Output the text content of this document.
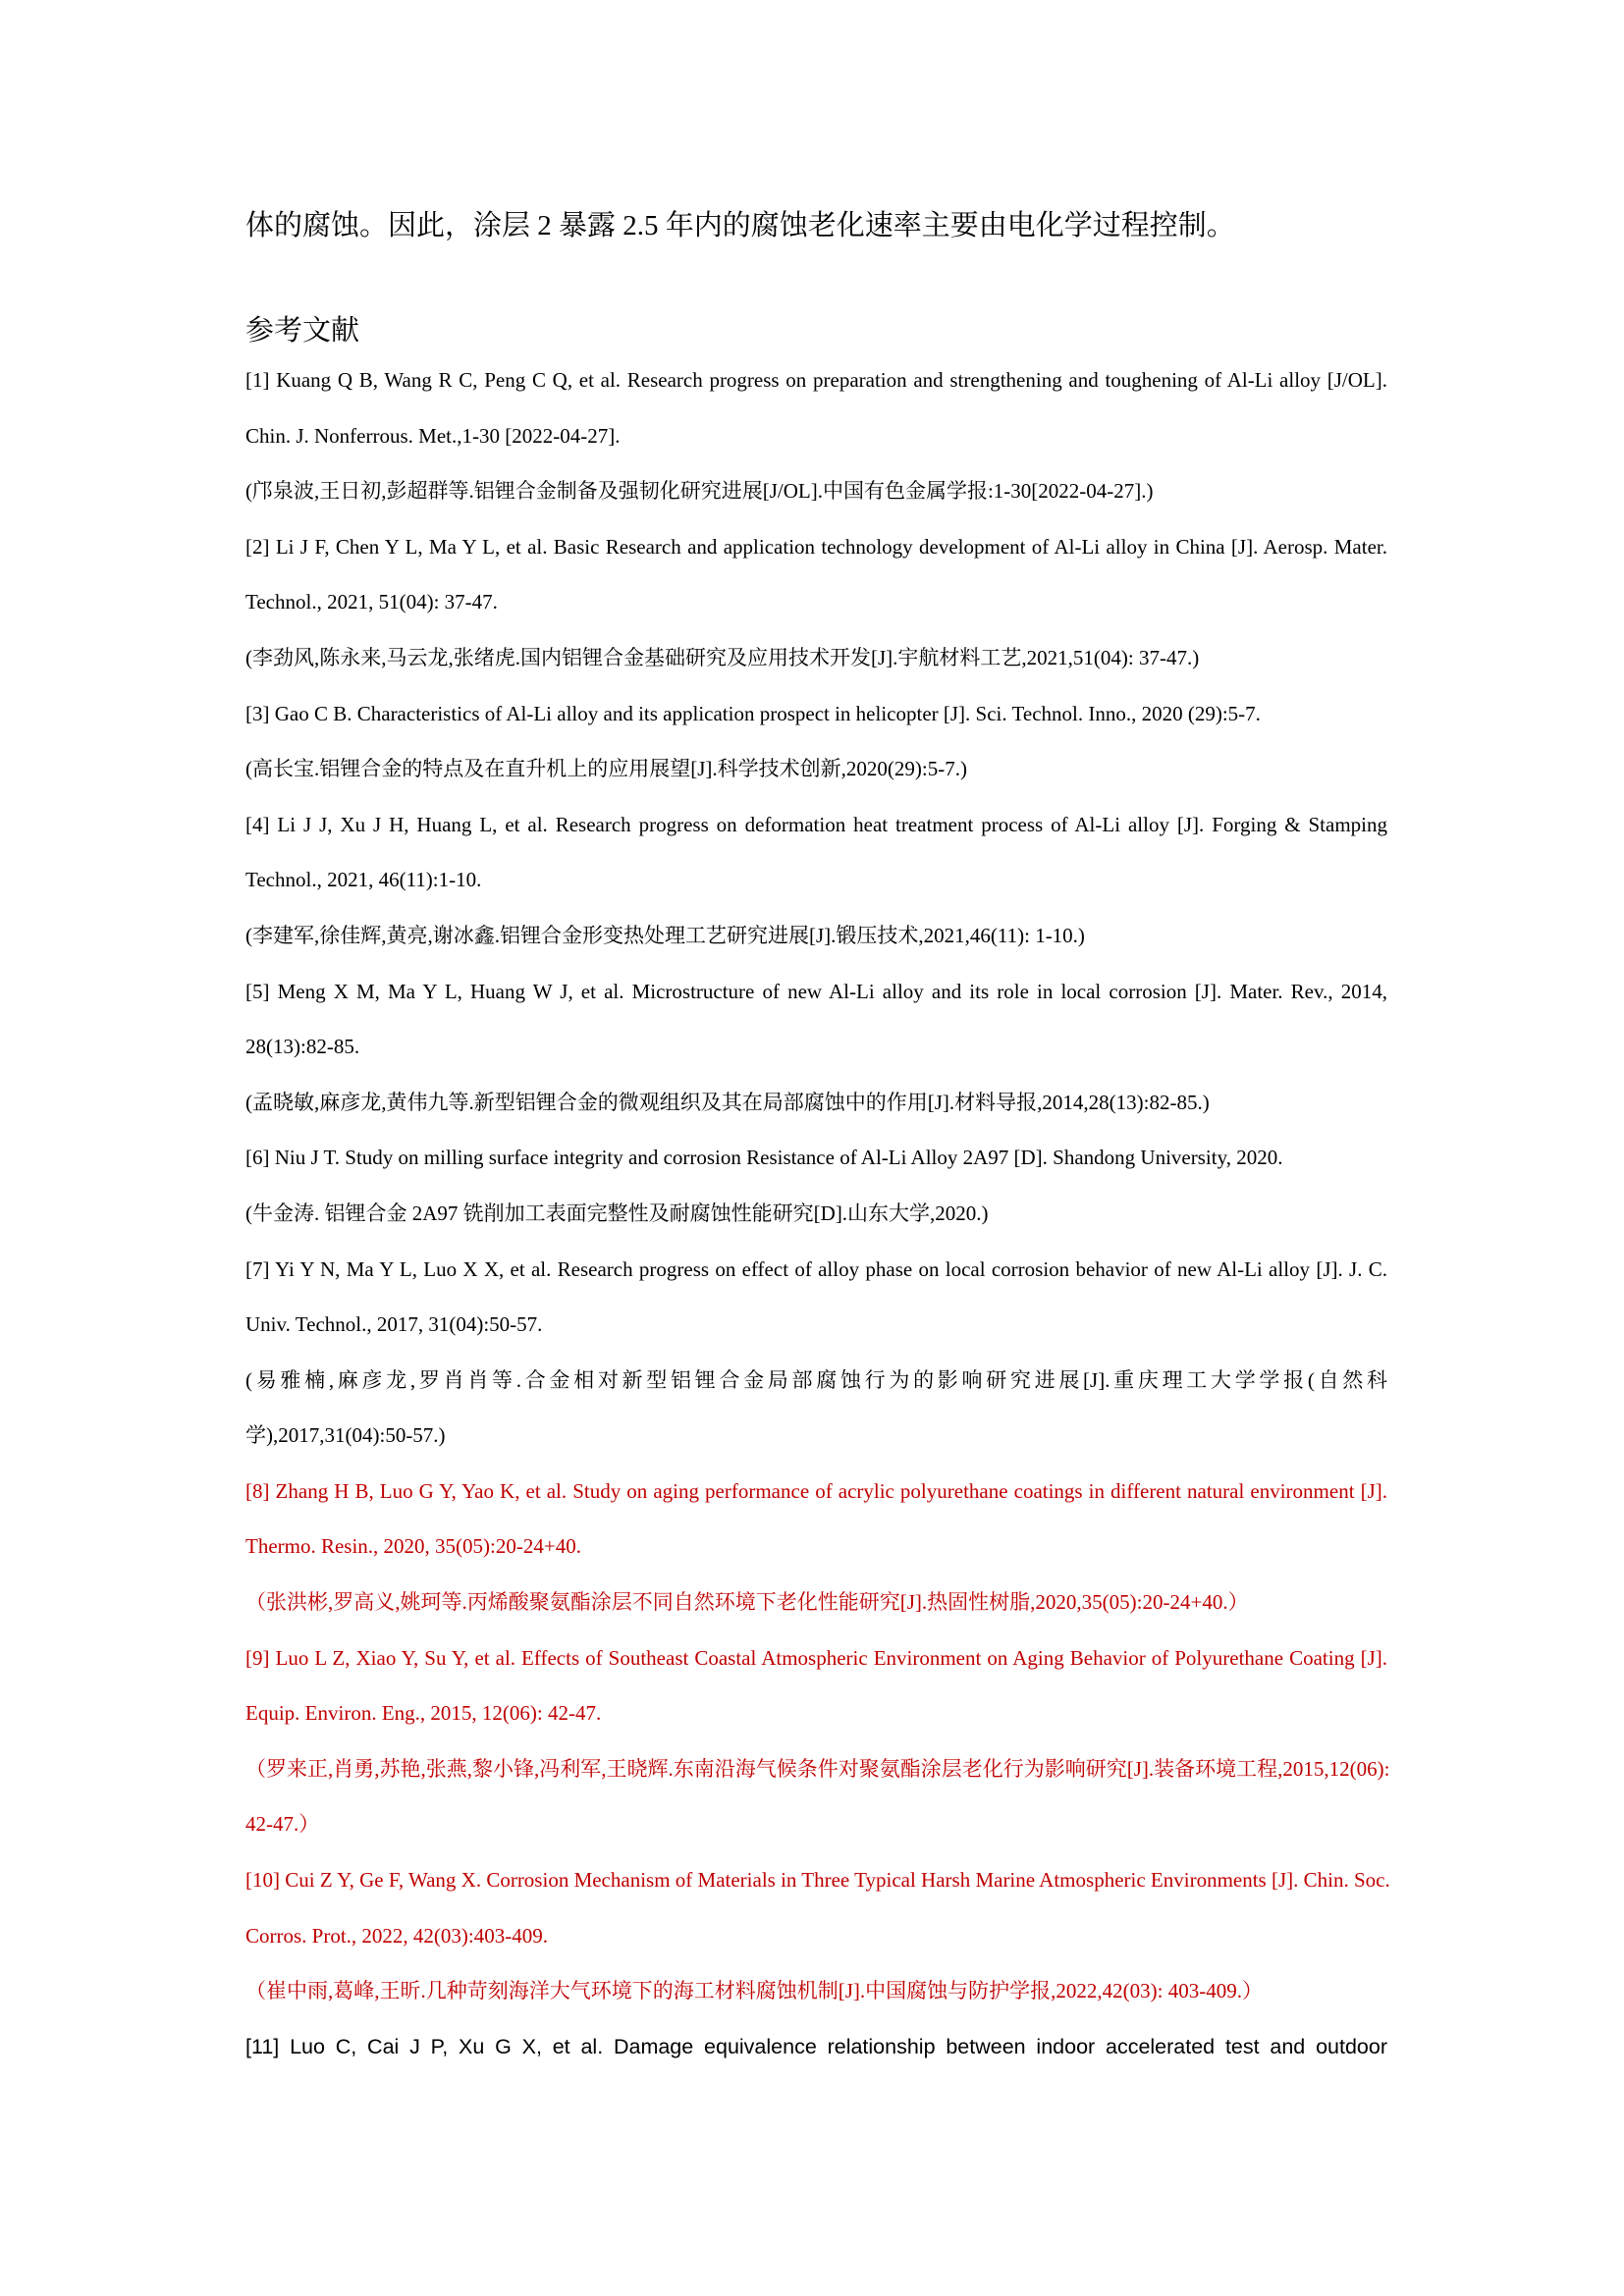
体的腐蚀。因此，涂层 2 暴露 2.5 年内的腐蚀老化速率主要由电化学过程控制。
参考文献
[1] Kuang Q B, Wang R C, Peng C Q, et al. Research progress on preparation and strengthening and toughening of Al-Li alloy [J/OL].
Chin. J. Nonferrous. Met.,1-30 [2022-04-27].
(邝泉波,王日初,彭超群等.铝锂合金制备及强韧化研究进展[J/OL].中国有色金属学报:1-30[2022-04-27].)
[2] Li J F, Chen Y L, Ma Y L, et al. Basic Research and application technology development of Al-Li alloy in China [J]. Aerosp. Mater.
Technol., 2021, 51(04): 37-47.
(李劲风,陈永来,马云龙,张绪虎.国内铝锂合金基础研究及应用技术开发[J].宇航材料工艺,2021,51(04): 37-47.)
[3] Gao C B. Characteristics of Al-Li alloy and its application prospect in helicopter [J]. Sci. Technol. Inno., 2020 (29):5-7.
(高长宝.铝锂合金的特点及在直升机上的应用展望[J].科学技术创新,2020(29):5-7.)
[4] Li J J, Xu J H, Huang L, et al. Research progress on deformation heat treatment process of Al-Li alloy [J]. Forging & Stamping
Technol., 2021, 46(11):1-10.
(李建军,徐佳辉,黄亮,谢冰鑫.铝锂合金形变热处理工艺研究进展[J].锻压技术,2021,46(11): 1-10.)
[5] Meng X M, Ma Y L, Huang W J, et al. Microstructure of new Al-Li alloy and its role in local corrosion [J]. Mater. Rev., 2014,
28(13):82-85.
(孟晓敏,麻彦龙,黄伟九等.新型铝锂合金的微观组织及其在局部腐蚀中的作用[J].材料导报,2014,28(13):82-85.)
[6] Niu J T. Study on milling surface integrity and corrosion Resistance of Al-Li Alloy 2A97 [D]. Shandong University, 2020.
(牛金涛. 铝锂合金 2A97 铣削加工表面完整性及耐腐蚀性能研究[D].山东大学,2020.)
[7] Yi Y N, Ma Y L, Luo X X, et al. Research progress on effect of alloy phase on local corrosion behavior of new Al-Li alloy [J]. J. C.
Univ. Technol., 2017, 31(04):50-57.
(易雅楠,麻彦龙,罗肖肖等.合金相对新型铝锂合金局部腐蚀行为的影响研究进展[J].重庆理工大学学报(自然科
学),2017,31(04):50-57.)
[8] Zhang H B, Luo G Y, Yao K, et al. Study on aging performance of acrylic polyurethane coatings in different natural environment [J].
Thermo. Resin., 2020, 35(05):20-24+40.
（张洪彬,罗高义,姚珂等.丙烯酸聚氨酯涂层不同自然环境下老化性能研究[J].热固性树脂,2020,35(05):20-24+40.）
[9] Luo L Z, Xiao Y, Su Y, et al. Effects of Southeast Coastal Atmospheric Environment on Aging Behavior of Polyurethane Coating [J].
Equip. Environ. Eng., 2015, 12(06): 42-47.
（罗来正,肖勇,苏艳,张燕,黎小锋,冯利军,王晓辉.东南沿海气候条件对聚氨酯涂层老化行为影响研究[J].装备环境工程,2015,12(06):
42-47.）
[10] Cui Z Y, Ge F, Wang X. Corrosion Mechanism of Materials in Three Typical Harsh Marine Atmospheric Environments [J]. Chin. Soc.
Corros. Prot., 2022, 42(03):403-409.
（崔中雨,葛峰,王昕.几种苛刻海洋大气环境下的海工材料腐蚀机制[J].中国腐蚀与防护学报,2022,42(03): 403-409.）
[11] Luo C, Cai J P, Xu G X, et al. Damage equivalence relationship between indoor accelerated test and outdoor
